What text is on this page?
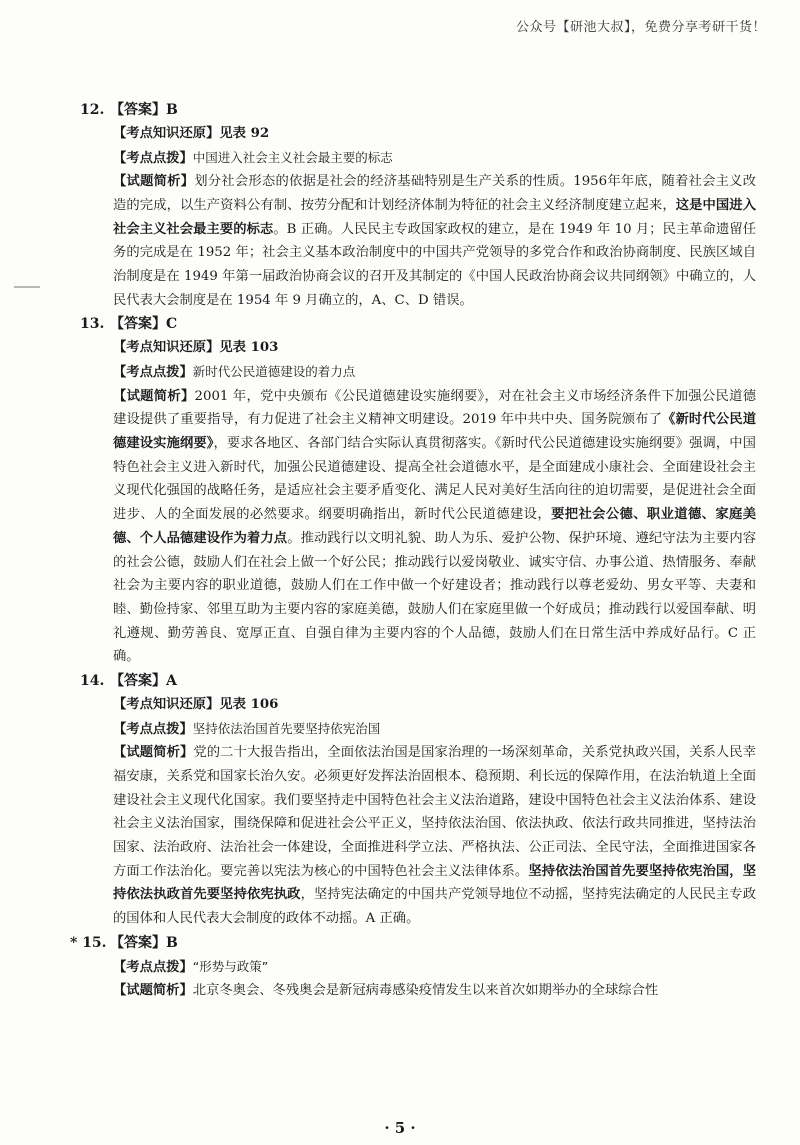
公众号【研池大叔】，免费分享考研干货！
12. 【答案】B
【考点知识还原】见表 92
【考点点拨】中国进入社会主义社会最主要的标志
【试题简析】划分社会形态的依据是社会的经济基础特别是生产关系的性质。1956年年底，随着社会主义改造的完成，以生产资料公有制、按劳分配和计划经济体制为特征的社会主义经济制度建立起来，这是中国进入社会主义社会最主要的标志。B 正确。人民民主专政国家政权的建立，是在 1949 年 10 月；民主革命遗留任务的完成是在 1952 年；社会主义基本政治制度中的中国共产党领导的多党合作和政治协商制度、民族区域自治制度是在 1949 年第一届政治协商会议的召开及其制定的《中国人民政治协商会议共同纲领》中确立的，人民代表大会制度是在 1954 年 9 月确立的，A、C、D 错误。
13. 【答案】C
【考点知识还原】见表 103
【考点点拨】新时代公民道德建设的着力点
【试题简析】2001 年，党中央颁布《公民道德建设实施纲要》，对在社会主义市场经济条件下加强公民道德建设提供了重要指导，有力促进了社会主义精神文明建设。2019 年中共中央、国务院颁布了《新时代公民道德建设实施纲要》，要求各地区、各部门结合实际认真贯彻落实。《新时代公民道德建设实施纲要》强调，中国特色社会主义进入新时代，加强公民道德建设、提高全社会道德水平，是全面建成小康社会、全面建设社会主义现代化强国的战略任务，是适应社会主要矛盾变化、满足人民对美好生活向往的迫切需要，是促进社会全面进步、人的全面发展的必然要求。纲要明确指出，新时代公民道德建设，要把社会公德、职业道德、家庭美德、个人品德建设作为着力点。推动践行以文明礼貌、助人为乐、爱护公物、保护环境、遵纪守法为主要内容的社会公德，鼓励人们在社会上做一个好公民；推动践行以爱岗敬业、诚实守信、办事公道、热情服务、奉献社会为主要内容的职业道德，鼓励人们在工作中做一个好建设者；推动践行以尊老爱幼、男女平等、夫妻和睦、勤俭持家、邻里互助为主要内容的家庭美德，鼓励人们在家庭里做一个好成员；推动践行以爱国奉献、明礼遵规、勤劳善良、宽厚正直、自强自律为主要内容的个人品德，鼓励人们在日常生活中养成好品行。C 正确。
14. 【答案】A
【考点知识还原】见表 106
【考点点拨】坚持依法治国首先要坚持依宪治国
【试题简析】党的二十大报告指出，全面依法治国是国家治理的一场深刻革命，关系党执政兴国，关系人民幸福安康，关系党和国家长治久安。必须更好发挥法治固根本、稳预期、利长远的保障作用，在法治轨道上全面建设社会主义现代化国家。我们要坚持走中国特色社会主义法治道路，建设中国特色社会主义法治体系、建设社会主义法治国家，围绕保障和促进社会公平正义，坚持依法治国、依法执政、依法行政共同推进，坚持法治国家、法治政府、法治社会一体建设，全面推进科学立法、严格执法、公正司法、全民守法，全面推进国家各方面工作法治化。要完善以宪法为核心的中国特色社会主义法律体系。坚持依法治国首先要坚持依宪治国，坚持依法执政首先要坚持依宪执政，坚持宪法确定的中国共产党领导地位不动摇，坚持宪法确定的人民民主专政的国体和人民代表大会制度的政体不动摇。A 正确。
* 15. 【答案】B
【考点点拨】“形势与政策”
【试题简析】北京冬奥会、冬残奥会是新冠病毒感染疫情发生以来首次如期举办的全球综合性
· 5 ·
